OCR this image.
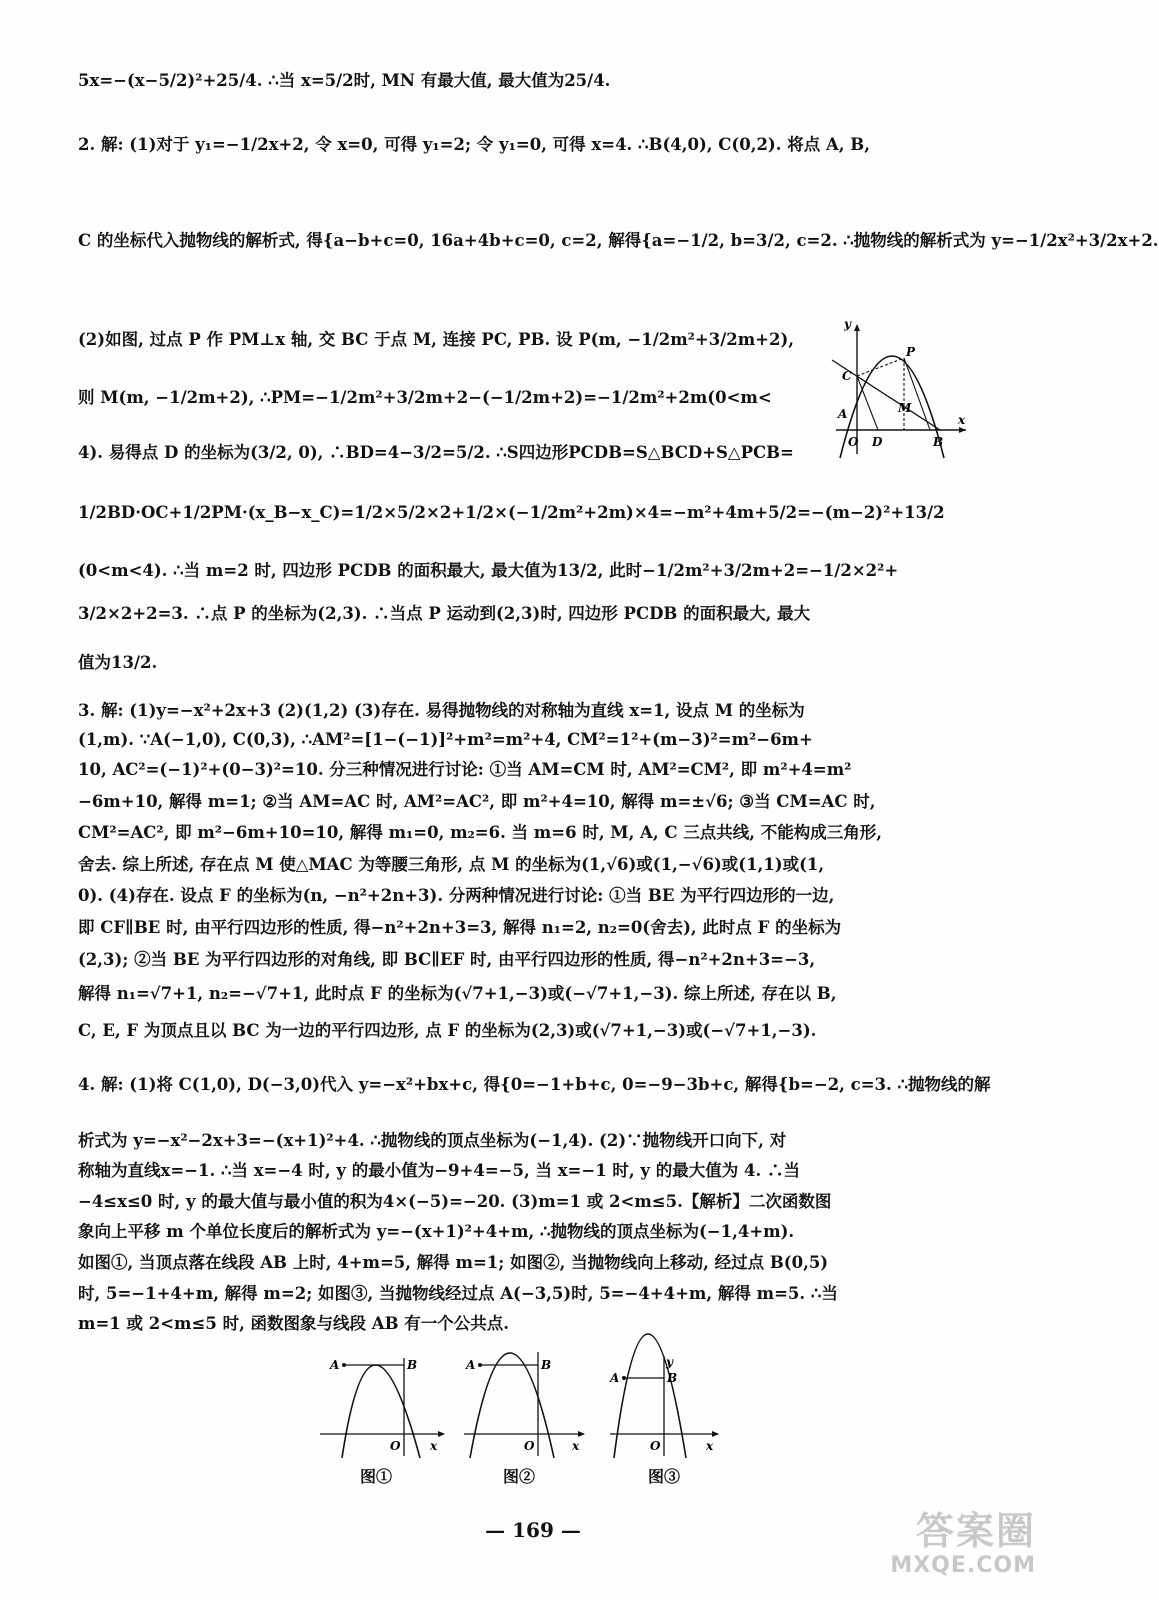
5x=−(x−5/2)²+25/4. ∴当 x=5/2时, MN 有最大值, 最大值为25/4.
2. 解: (1)对于 y₁=−1/2x+2, 令 x=0, 可得 y₁=2; 令 y₁=0, 可得 x=4. ∴B(4,0), C(0,2). 将点 A, B,
C 的坐标代入抛物线的解析式, 得{a−b+c=0, 16a+4b+c=0, c=2, 解得{a=−1/2, b=3/2, c=2. ∴抛物线的解析式为 y=−1/2x²+3/2x+2.
(2)如图, 过点 P 作 PM⊥x 轴, 交 BC 于点 M, 连接 PC, PB. 设 P(m, −1/2m²+3/2m+2),
则 M(m, −1/2m+2), ∴PM=−1/2m²+3/2m+2−(−1/2m+2)=−1/2m²+2m(0<m<
4). 易得点 D 的坐标为(3/2, 0), ∴BD=4−3/2=5/2. ∴S四边形PCDB=S△BCD+S△PCB=
1/2BD·OC+1/2PM·(x_B−x_C)=1/2×5/2×2+1/2×(−1/2m²+2m)×4=−m²+4m+5/2=−(m−2)²+13/2
(0<m<4). ∴当 m=2 时, 四边形 PCDB 的面积最大, 最大值为13/2, 此时−1/2m²+3/2m+2=−1/2×2²+
3/2×2+2=3. ∴点 P 的坐标为(2,3). ∴当点 P 运动到(2,3)时, 四边形 PCDB 的面积最大, 最大
值为13/2.
3. 解: (1)y=−x²+2x+3 (2)(1,2) (3)存在. 易得抛物线的对称轴为直线 x=1, 设点 M 的坐标为
(1,m). ∵A(−1,0), C(0,3), ∴AM²=[1−(−1)]²+m²=m²+4, CM²=1²+(m−3)²=m²−6m+
10, AC²=(−1)²+(0−3)²=10. 分三种情况进行讨论: ①当 AM=CM 时, AM²=CM², 即 m²+4=m²
−6m+10, 解得 m=1; ②当 AM=AC 时, AM²=AC², 即 m²+4=10, 解得 m=±√6; ③当 CM=AC 时,
CM²=AC², 即 m²−6m+10=10, 解得 m₁=0, m₂=6. 当 m=6 时, M, A, C 三点共线, 不能构成三角形,
舍去. 综上所述, 存在点 M 使△MAC 为等腰三角形, 点 M 的坐标为(1,√6)或(1,−√6)或(1,1)或(1,
0). (4)存在. 设点 F 的坐标为(n, −n²+2n+3). 分两种情况进行讨论: ①当 BE 为平行四边形的一边,
即 CF∥BE 时, 由平行四边形的性质, 得−n²+2n+3=3, 解得 n₁=2, n₂=0(舍去), 此时点 F 的坐标为
(2,3); ②当 BE 为平行四边形的对角线, 即 BC∥EF 时, 由平行四边形的性质, 得−n²+2n+3=−3,
解得 n₁=√7+1, n₂=−√7+1, 此时点 F 的坐标为(√7+1,−3)或(−√7+1,−3). 综上所述, 存在以 B,
C, E, F 为顶点且以 BC 为一边的平行四边形, 点 F 的坐标为(2,3)或(√7+1,−3)或(−√7+1,−3).
4. 解: (1)将 C(1,0), D(−3,0)代入 y=−x²+bx+c, 得{0=−1+b+c, 0=−9−3b+c, 解得{b=−2, c=3. ∴抛物线的解
析式为 y=−x²−2x+3=−(x+1)²+4. ∴抛物线的顶点坐标为(−1,4). (2)∵抛物线开口向下, 对
称轴为直线x=−1. ∴当 x=−4 时, y 的最小值为−9+4=−5, 当 x=−1 时, y 的最大值为 4. ∴当
−4≤x≤0 时, y 的最大值与最小值的积为4×(−5)=−20. (3)m=1 或 2<m≤5.【解析】二次函数图
象向上平移 m 个单位长度后的解析式为 y=−(x+1)²+4+m, ∴抛物线的顶点坐标为(−1,4+m).
如图①, 当顶点落在线段 AB 上时, 4+m=5, 解得 m=1; 如图②, 当抛物线向上移动, 经过点 B(0,5)
时, 5=−1+4+m, 解得 m=2; 如图③, 当抛物线经过点 A(−3,5)时, 5=−4+4+m, 解得 m=5. ∴当
m=1 或 2<m≤5 时, 函数图象与线段 AB 有一个公共点.
y
P
C
M
A
O D	B
x
A	B
O x
图①
A	B
O	x
图②
y
A	B
O	x
图③
— 169 —	答案圈
MXQE.COM
